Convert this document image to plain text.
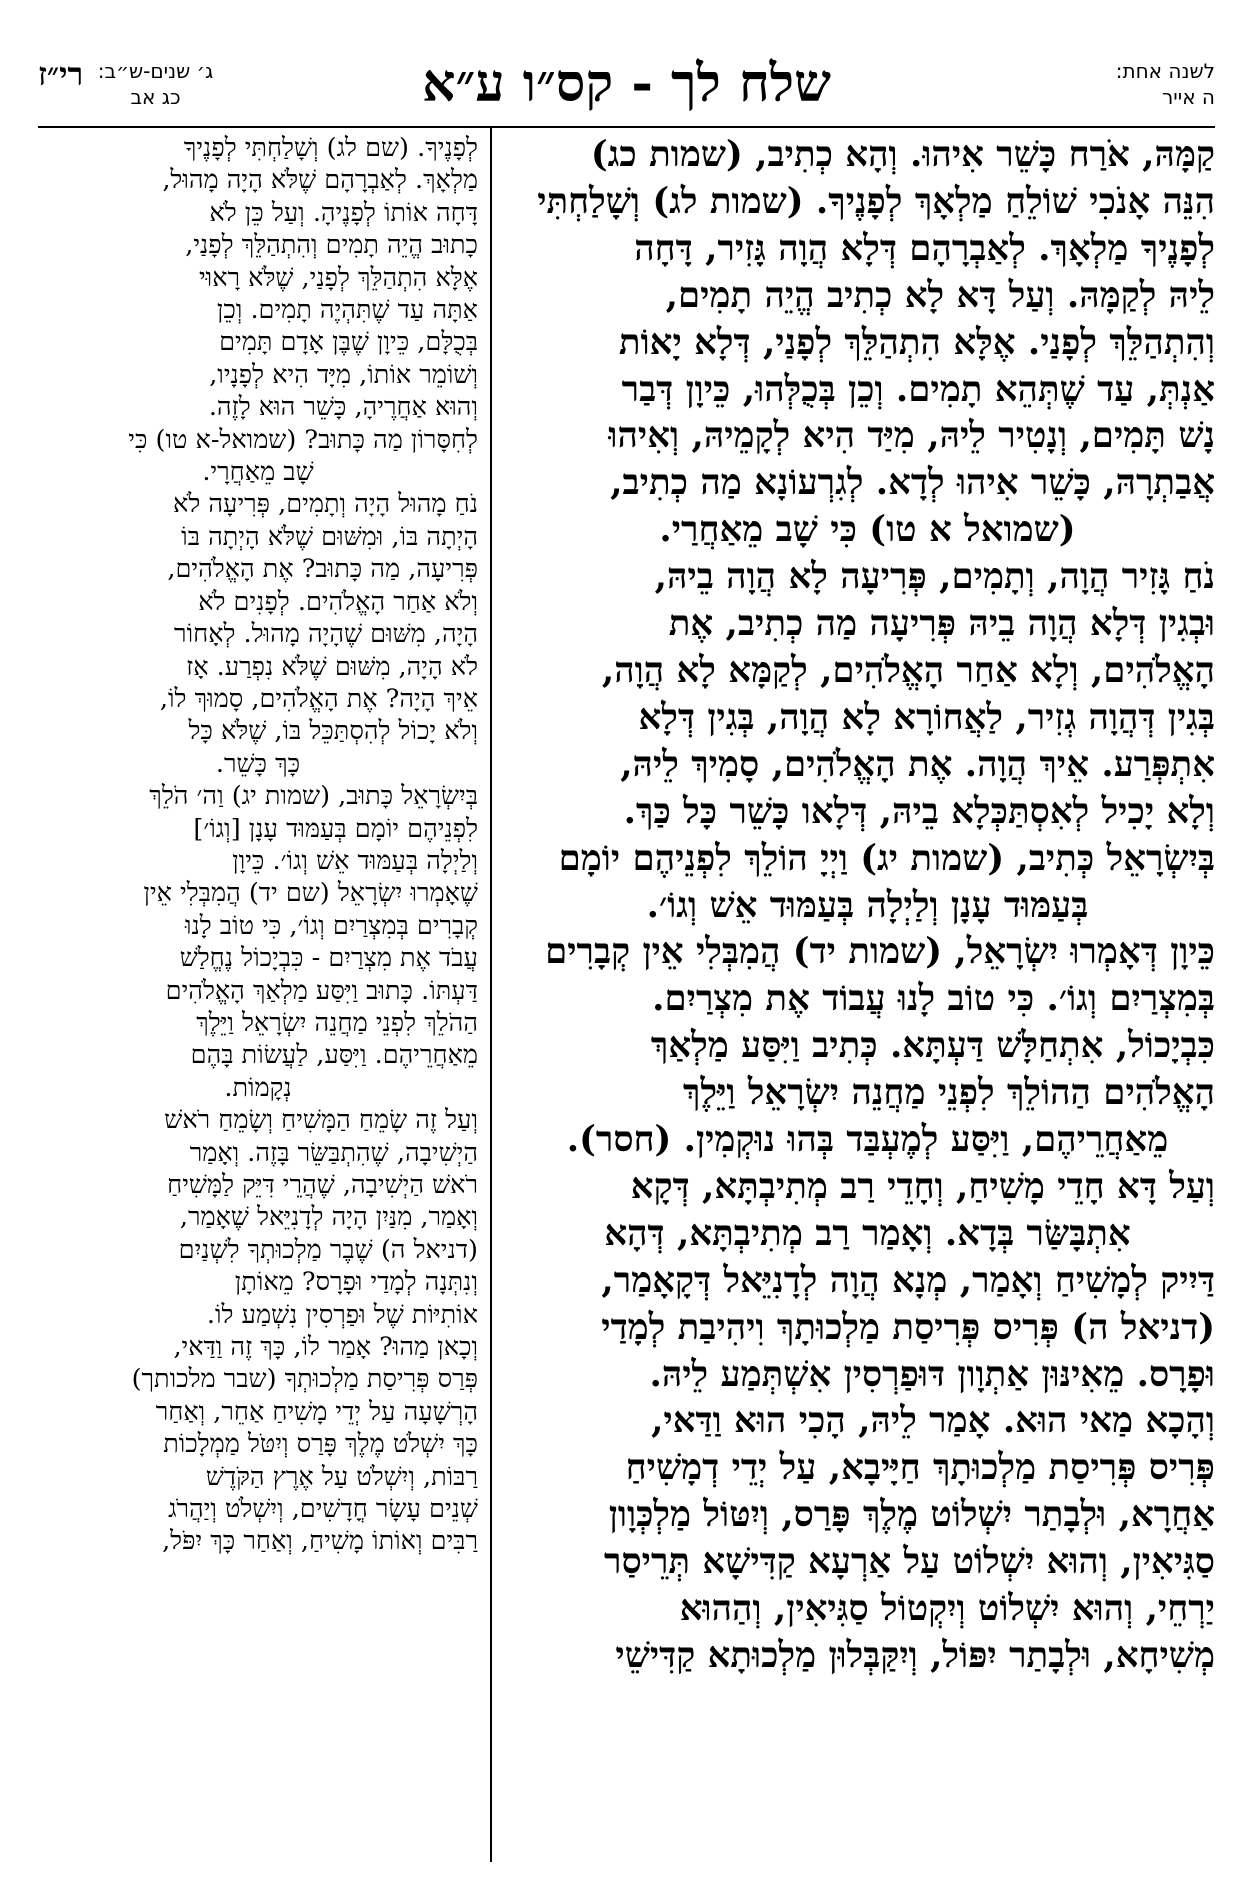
לשנה אחת:
ה אייר
שלח לך - קס״ו ע״א
ג׳ שנים-ש״ב:
כג אב
רי״ז

קַמָּהּ, אֹרַח כָּשֵׁר אִיהוּ. וְהָא כְתִיב, (שמות כג)

הִנֵּה אָנֹכִי שׁוֹלֵחַ מַלְאָךְ לְפָנֶיךָ. (שמות לג) וְשָׁלַחְתִּי

לְפָנֶיךָ מַלְאָךְ. לְאַבְרָהָם דְּלָא הֲוָה גָּזִיר, דָּחָה

לֵיהּ לְקַמָּהּ. וְעַל דָּא לָא כְתִיב הֱיֵה תָמִים,

וְהִתְהַלֵּךְ לְפָנַי. אֶלָּא הִתְהַלֵּךְ לְפָנַי, דְּלָא יָאוֹת

אַנְתְּ, עַד שֶׁתְּהֵא תָמִים. וְכֵן בְּכֻלְּהוּ, כֵּיוָן דְּבַר

נָשׁ תָּמִים, וְנָטִיר לֵיהּ, מִיַּד הִיא לְקָמֵיהּ, וְאִיהוּ

אֲבַתְרָהּ, כָּשֵׁר אִיהוּ לְדָא. לְגִרְעוֹנָא מַה כְתִיב,

(שמואל א טו) כִּי שָׁב מֵאַחֲרַי.

נֹחַ גָּזִיר הֲוָה, וְתָמִים, פְּרִיעָה לָא הֲוָה בֵיהּ,

וּבְגִין דְּלָא הֲוָה בֵיהּ פְּרִיעָה מַה כְתִיב, אֶת

הָאֱלֹהִים, וְלָא אַחַר הָאֱלֹהִים, לְקַמָּא לָא הֲוָה,

בְּגִין דְּהֲוָה גְזִיר, לַאֲחוֹרָא לָא הֲוָה, בְּגִין דְּלָא

אִתְפְּרַע. אֵיךְ הֲוָה. אֶת הָאֱלֹהִים, סָמִיךְ לֵיהּ,

וְלָא יָכִיל לְאִסְתַּכְּלָא בֵיהּ, דְּלָאו כָּשֵׁר כָּל כַּךְ.

בְּיִשְׂרָאֵל כְּתִיב, (שמות יג) וַיְיָ הוֹלֵךְ לִפְנֵיהֶם יוֹמָם

בְּעַמּוּד עָנָן וְלַיְלָה בְּעַמּוּד אֵשׁ וְגוֹ׳.

כֵּיוָן דְּאָמְרוּ יִשְׂרָאֵל, (שמות יד) הֲמִבְּלִי אֵין קְבָרִים

בְּמִצְרַיִם וְגוֹ׳. כִּי טוֹב לָנוּ עֲבוֹד אֶת מִצְרַיִם.

כִּבְיָכוֹל, אִתְחַלָּשׁ דַּעְתָּא. כְּתִיב וַיִּסַּע מַלְאַךְ

הָאֱלֹהִים הַהוֹלֵךְ לִפְנֵי מַחֲנֵה יִשְׂרָאֵל וַיֵּלֶךְ

מֵאַחֲרֵיהֶם, וַיִּסַּע לְמֶעְבַּד בְּהוּ נוּקְמִין. (חסר).

וְעַל דָּא חָדֵי מָשִׁיחַ, וְחָדֵי רַב מְתִיבְתָּא, דְּקָא

אִתְבָּשַּׂר בְּדָא. וְאָמַר רַב מְתִיבְתָּא, דְּהָא

דַּיִיק לְמָשִׁיחַ וְאָמַר, מְנָא הֲוָה לְדָנִיֵּאל דְּקָאָמַר,

(דניאל ה) פְּרִיס פְּרִיסַת מַלְכוּתָךְ וִיהִיבַת לְמָדַי

וּפָרָס. מֵאִינּוּן אַתְוָון דּוּפַרְסִין אִשְׁתְּמַע לֵיהּ.

וְהָכָא מַאי הוּא. אָמַר לֵיהּ, הָכִי הוּא וַדַּאי,

פְּרִיס פְּרִיסַת מַלְכוּתָךְ חַיָּיבָא, עַל יְדֵי דְמָשִׁיחַ

אַחֲרָא, וּלְבָתַר יִשְׁלוֹט מֶלֶךְ פָּרַס, וְיִטּוֹל מַלְכְּוָון

סַגִּיאִין, וְהוּא יִשְׁלוֹט עַל אַרְעָא קַדִּישָׁא תְּרֵיסַר

יַרְחֵי, וְהוּא יִשְׁלוֹט וְיִקְטוֹל סַגִּיאִין, וְהַהוּא

מְשִׁיחָא, וּלְבָתַר יִפּוֹל, וְיִקַּבְּלוּן מַלְכוּתָא קַדִּישֵׁי

לְפָנֶיךָ. (שם לג) וְשָׁלַחְתִּי לְפָנֶיךָ

מַלְאָךְ. לְאַבְרָהָם שֶׁלֹּא הָיָה מָהוּל,

דָּחָה אוֹתוֹ לְפָנֶיהָ. וְעַל כֵּן לֹא

כָתוּב הֱיֵה תָמִים וְהִתְהַלֵּךְ לְפָנַי,

אֶלָּא הִתְהַלֵּךְ לְפָנַי, שֶׁלֹּא רָאוּי

אַתָּה עַד שֶׁתִּהְיֶה תָמִים. וְכֵן

בְּכֻלָּם, כֵּיוָן שֶׁבֶּן אָדָם תָּמִים

וְשׁוֹמֵר אוֹתוֹ, מִיָּד הִיא לְפָנָיו,

וְהוּא אַחֲרֶיהָ, כָּשֵׁר הוּא לָזֶה.

לְחִסָּרוֹן מַה כָּתוּב? (שמואל-א טו) כִּי

שָׁב מֵאַחֲרָי.

נֹחַ מָהוּל הָיָה וְתָמִים, פְּרִיעָה לֹא

הָיְתָה בּוֹ, וּמִשּׁוּם שֶׁלֹּא הָיְתָה בּוֹ

פְּרִיעָה, מַה כָּתוּב? אֶת הָאֱלֹהִים,

וְלֹא אַחַר הָאֱלֹהִים. לְפָנִים לֹא

הָיָה, מִשּׁוּם שֶׁהָיָה מָהוּל. לְאָחוֹר

לֹא הָיָה, מִשּׁוּם שֶׁלֹּא נִפְרַע. אָז

אֵיךְ הָיָה? אֶת הָאֱלֹהִים, סָמוּךְ לוֹ,

וְלֹא יָכוֹל לְהִסְתַּכֵּל בּוֹ, שֶׁלֹּא כָּל

כָּךְ כָּשֵׁר.

בְּיִשְׂרָאֵל כָּתוּב, (שמות יג) וַה׳ הֹלֵךְ

לִפְנֵיהֶם יוֹמָם בְּעַמּוּד עָנָן [וְגוֹ׳]

וְלַיְלָה בְּעַמּוּד אֵשׁ וְגוֹ׳. כֵּיוָן

שֶׁאָמְרוּ יִשְׂרָאֵל (שם יד) הֲמִבְּלִי אֵין

קְבָרִים בְּמִצְרַיִם וְגוֹ׳, כִּי טוֹב לָנוּ

עֲבֹד אֶת מִצְרַיִם - כִּבְיָכוֹל נֶחֱלַשׁ

דַּעְתּוֹ. כָּתוּב וַיִּסַּע מַלְאַךְ הָאֱלֹהִים

הַהֹלֵךְ לִפְנֵי מַחֲנֵה יִשְׂרָאֵל וַיֵּלֶךְ

מֵאַחֲרֵיהֶם. וַיִּסַּע, לַעֲשׂוֹת בָּהֶם

נְקָמוֹת.

וְעַל זֶה שָׂמֵחַ הַמָּשִׁיחַ וְשָׂמֵחַ רֹאשׁ

הַיְשִׁיבָה, שֶׁהִתְבַּשֵּׂר בָּזֶה. וְאָמַר

רֹאשׁ הַיְשִׁיבָה, שֶׁהֲרֵי דִּיֵּק לַמָּשִׁיחַ

וְאָמַר, מִנַּיִן הָיָה לְדָנִיֵּאל שֶׁאָמַר,

(דניאל ה) שֶׁבֶר מַלְכוּתְךָ לִשְׁנַיִם

וְנִתְּנָה לְמָדַי וּפָרָס? מֵאוֹתָן

אוֹתִיּוֹת שֶׁל וּפַרְסִין נִשְׁמַע לוֹ.

וְכָאן מַהוּ? אָמַר לוֹ, כָּךְ זֶה וַדַּאי,

פְּרַס פְּרִיסַת מַלְכוּתְךָ (שבר מלכותך)

הָרְשָׁעָה עַל יְדֵי מָשִׁיחַ אַחֵר, וְאַחַר

כָּךְ יִשְׁלֹט מֶלֶךְ פָּרַס וְיִטֹּל מַמְלָכוֹת

רַבּוֹת, וְיִשְׁלֹט עַל אֶרֶץ הַקֹּדֶשׁ

שְׁנֵים עָשָׂר חֳדָשִׁים, וְיִשְׁלֹט וְיַהֲרֹג

רַבִּים וְאוֹתוֹ מָשִׁיחַ, וְאַחַר כָּךְ יִפֹּל,
